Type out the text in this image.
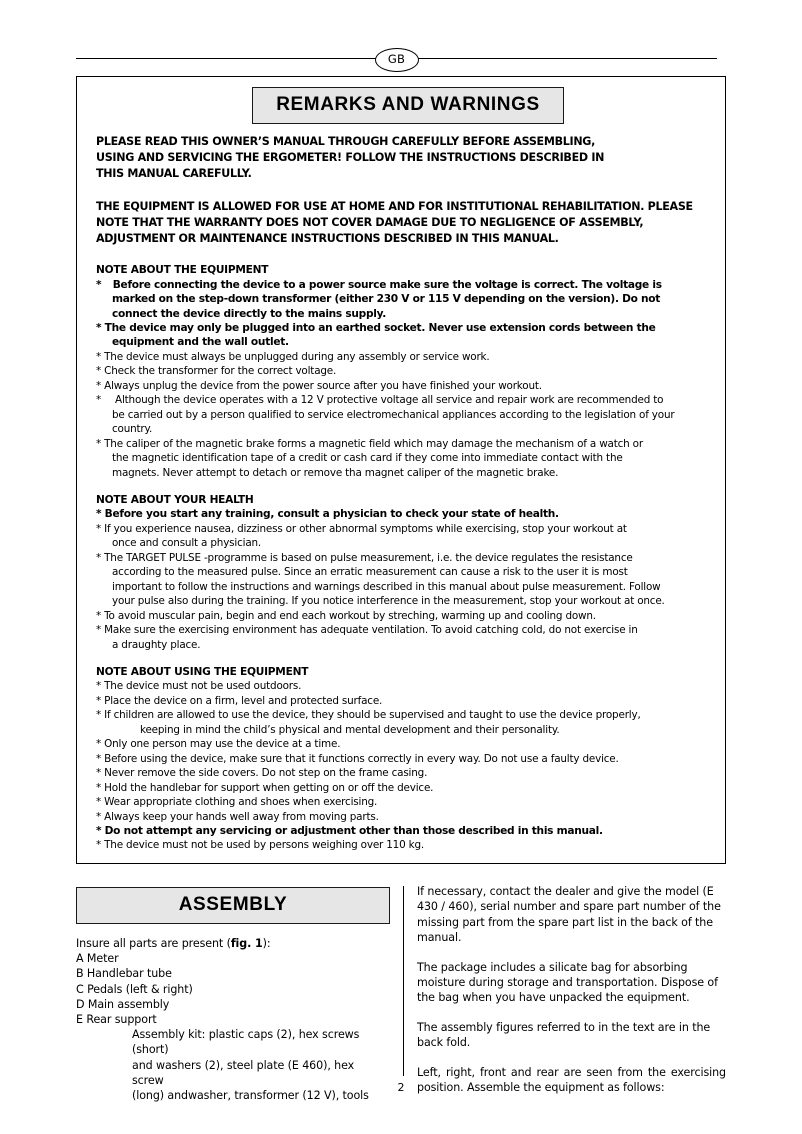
GB
REMARKS AND WARNINGS
PLEASE READ THIS OWNER’S MANUAL THROUGH CAREFULLY BEFORE ASSEMBLING,
USING AND SERVICING THE ERGOMETER! FOLLOW THE INSTRUCTIONS DESCRIBED IN
THIS MANUAL CAREFULLY.
THE EQUIPMENT IS ALLOWED FOR USE AT HOME AND FOR INSTITUTIONAL REHABILITATION. PLEASE
NOTE THAT THE WARRANTY DOES NOT COVER DAMAGE DUE TO NEGLIGENCE OF ASSEMBLY,
ADJUSTMENT OR MAINTENANCE INSTRUCTIONS DESCRIBED IN THIS MANUAL.
NOTE ABOUT THE EQUIPMENT
*	Before connecting the device to a power source make sure the voltage is correct. The voltage is
marked on the step-down transformer (either 230 V or 115 V depending on the version). Do not
connect the device directly to the mains supply.
* The device may only be plugged into an earthed socket. Never use extension cords between the
equipment and the wall outlet.
* The device must always be unplugged during any assembly or service work.
* Check the transformer for the correct voltage.
* Always unplug the device from the power source after you have finished your workout.
*	Although the device operates with a 12 V protective voltage all service and repair work are recommended to
be carried out by a person qualified to service electromechanical appliances according to the legislation of your
country.
* The caliper of the magnetic brake forms a magnetic field which may damage the mechanism of a watch or
the magnetic identification tape of a credit or cash card if they come into immediate contact with the
magnets. Never attempt to detach or remove tha magnet caliper of the magnetic brake.
NOTE ABOUT YOUR HEALTH
* Before you start any training, consult a physician to check your state of health.
* If you experience nausea, dizziness or other abnormal symptoms while exercising, stop your workout at
once and consult a physician.
* The TARGET PULSE -programme is based on pulse measurement, i.e. the device regulates the resistance
according to the measured pulse. Since an erratic measurement can cause a risk to the user it is most
important to follow the instructions and warnings described in this manual about pulse measurement. Follow
your pulse also during the training. If you notice interference in the measurement, stop your workout at once.
* To avoid muscular pain, begin and end each workout by streching, warming up and cooling down.
* Make sure the exercising environment has adequate ventilation. To avoid catching cold, do not exercise in
a draughty place.
NOTE ABOUT USING THE EQUIPMENT
* The device must not be used outdoors.
* Place the device on a firm, level and protected surface.
* If children are allowed to use the device, they should be supervised and taught to use the device properly,
keeping in mind the child’s physical and mental development and their personality.
* Only one person may use the device at a time.
* Before using the device, make sure that it functions correctly in every way. Do not use a faulty device.
* Never remove the side covers. Do not step on the frame casing.
* Hold the handlebar for support when getting on or off the device.
* Wear appropriate clothing and shoes when exercising.
* Always keep your hands well away from moving parts.
* Do not attempt any servicing or adjustment other than those described in this manual.
* The device must not be used by persons weighing over 110 kg.
ASSEMBLY
Insure all parts are present (fig. 1):
A Meter
B Handlebar tube
C Pedals (left & right)
D Main assembly
E Rear support
Assembly kit: plastic caps (2), hex screws (short)
and washers (2), steel plate (E 460), hex screw
(long) andwasher, transformer (12 V), tools

If necessary, contact the dealer and give the model (E 430 / 460), serial number and spare part number of the missing part from the spare part list in the back of the manual.

The package includes a silicate bag for absorbing moisture during storage and transportation. Dispose of the bag when you have unpacked the equipment.

The assembly figures referred to in the text are in the back fold.

Left, right, front and rear are seen from the exercising position. Assemble the equipment as follows:

2
